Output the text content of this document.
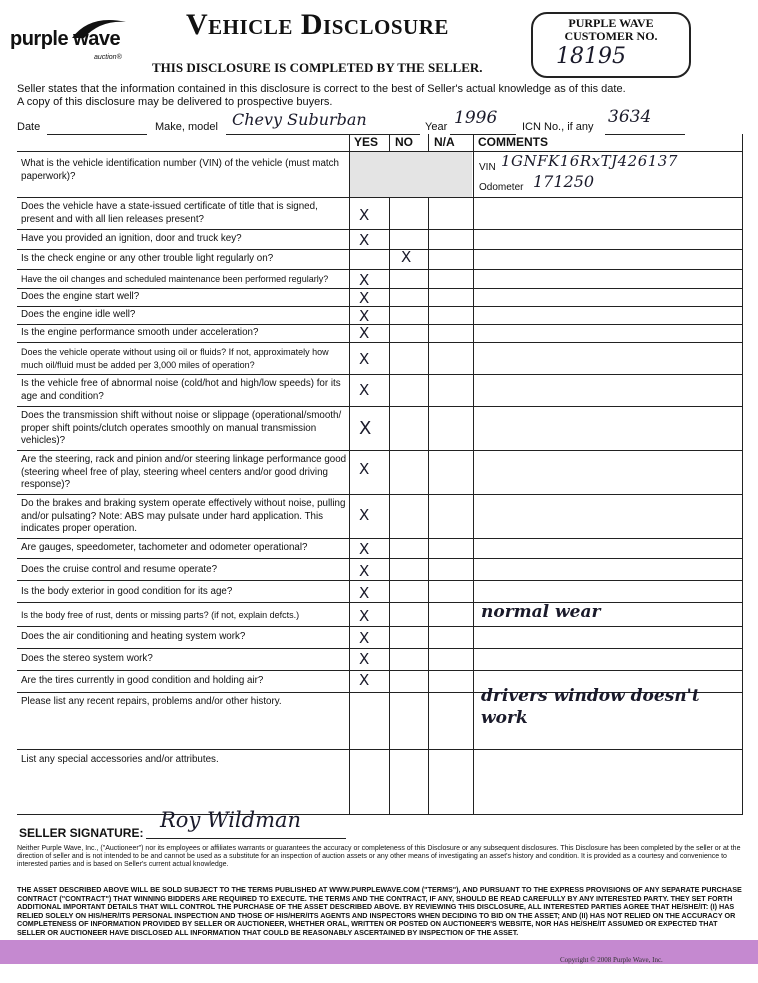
purple wave
auction®
Vehicle Disclosure
THIS DISCLOSURE IS COMPLETED BY THE SELLER.
PURPLE WAVE
CUSTOMER NO.
18195
Seller states that the information contained in this disclosure is correct to the best of Seller's actual knowledge as of this date.
A copy of this disclosure may be delivered to prospective buyers.
Date	Make, model Chevy Suburban	Year 1996 ICN No., if any 3634
YES NO N/A COMMENTS
What is the vehicle identification number (VIN) of the vehicle (must match paperwork)?
Does the vehicle have a state-issued certificate of title that is signed, present and with all lien releases present?
Have you provided an ignition, door and truck key?
Is the check engine or any other trouble light regularly on?
Have the oil changes and scheduled maintenance been performed regularly?
Does the engine start well?
Does the engine idle well?
Is the engine performance smooth under acceleration?
Does the vehicle operate without using oil or fluids? If not, approximately how much oil/fluid must be added per 3,000 miles of operation?
Is the vehicle free of abnormal noise (cold/hot and high/low speeds) for its age and condition?
Does the transmission shift without noise or slippage (operational/smooth/ proper shift points/clutch operates smoothly on manual transmission vehicles)?
Are the steering, rack and pinion and/or steering linkage performance good (steering wheel free of play, steering wheel centers and/or good driving response)?
Do the brakes and braking system operate effectively without noise, pulling and/or pulsating? Note: ABS may pulsate under hard application. This indicates proper operation.
Are gauges, speedometer, tachometer and odometer operational?
Does the cruise control and resume operate?
Is the body exterior in good condition for its age?
Is the body free of rust, dents or missing parts? (if not, explain defcts.)
Does the air conditioning and heating system work?
Does the stereo system work?
Are the tires currently in good condition and holding air?
Please list any recent repairs, problems and/or other history.
List any special accessories and/or attributes.
VIN 1GNFK16RxTJ426137
Odometer 171250
X
X
X
X
X
X
X
X
X
X
X
X
X
X
X
X
X
X
X
normal wear
drivers window doesn't
work
SELLER SIGNATURE:
Roy Wildman
Neither Purple Wave, Inc., ("Auctioneer") nor its employees or affiliates warrants or guarantees the accuracy or completeness of this Disclosure or any subsequent disclosures. This Disclosure has been completed by the seller or at the direction of seller and is not intended to be and cannot be used as a substitute for an inspection of auction assets or any other means of investigating an asset's history and condition. It is provided as a courtesy and convenience to interested parties and is based on Seller's current actual knowledge.
THE ASSET DESCRIBED ABOVE WILL BE SOLD SUBJECT TO THE TERMS PUBLISHED AT WWW.PURPLEWAVE.COM ("TERMS"), AND PURSUANT TO THE EXPRESS PROVISIONS OF ANY SEPARATE PURCHASE CONTRACT ("CONTRACT") THAT WINNING BIDDERS ARE REQUIRED TO EXECUTE. THE TERMS AND THE CONTRACT, IF ANY, SHOULD BE READ CAREFULLY BY ANY INTERESTED PARTY. THEY SET FORTH ADDITIONAL IMPORTANT DETAILS THAT WILL CONTROL THE PURCHASE OF THE ASSET DESCRIBED ABOVE. BY REVIEWING THIS DISCLOSURE, ALL INTERESTED PARTIES AGREE THAT HE/SHE/IT: (I) HAS RELIED SOLELY ON HIS/HER/ITS PERSONAL INSPECTION AND THOSE OF HIS/HER/ITS AGENTS AND INSPECTORS WHEN DECIDING TO BID ON THE ASSET; AND (II) HAS NOT RELIED ON THE ACCURACY OR COMPLETENESS OF INFORMATION PROVIDED BY SELLER OR AUCTIONEER, WHETHER ORAL, WRITTEN OR POSTED ON AUCTIONEER'S WEBSITE, NOR HAS HE/SHE/IT ASSUMED OR EXPECTED THAT SELLER OR AUCTIONEER HAVE DISCLOSED ALL INFORMATION THAT COULD BE REASONABLY ASCERTAINED BY INSPECTION OF THE ASSET.
Copyright © 2008 Purple Wave, Inc.
